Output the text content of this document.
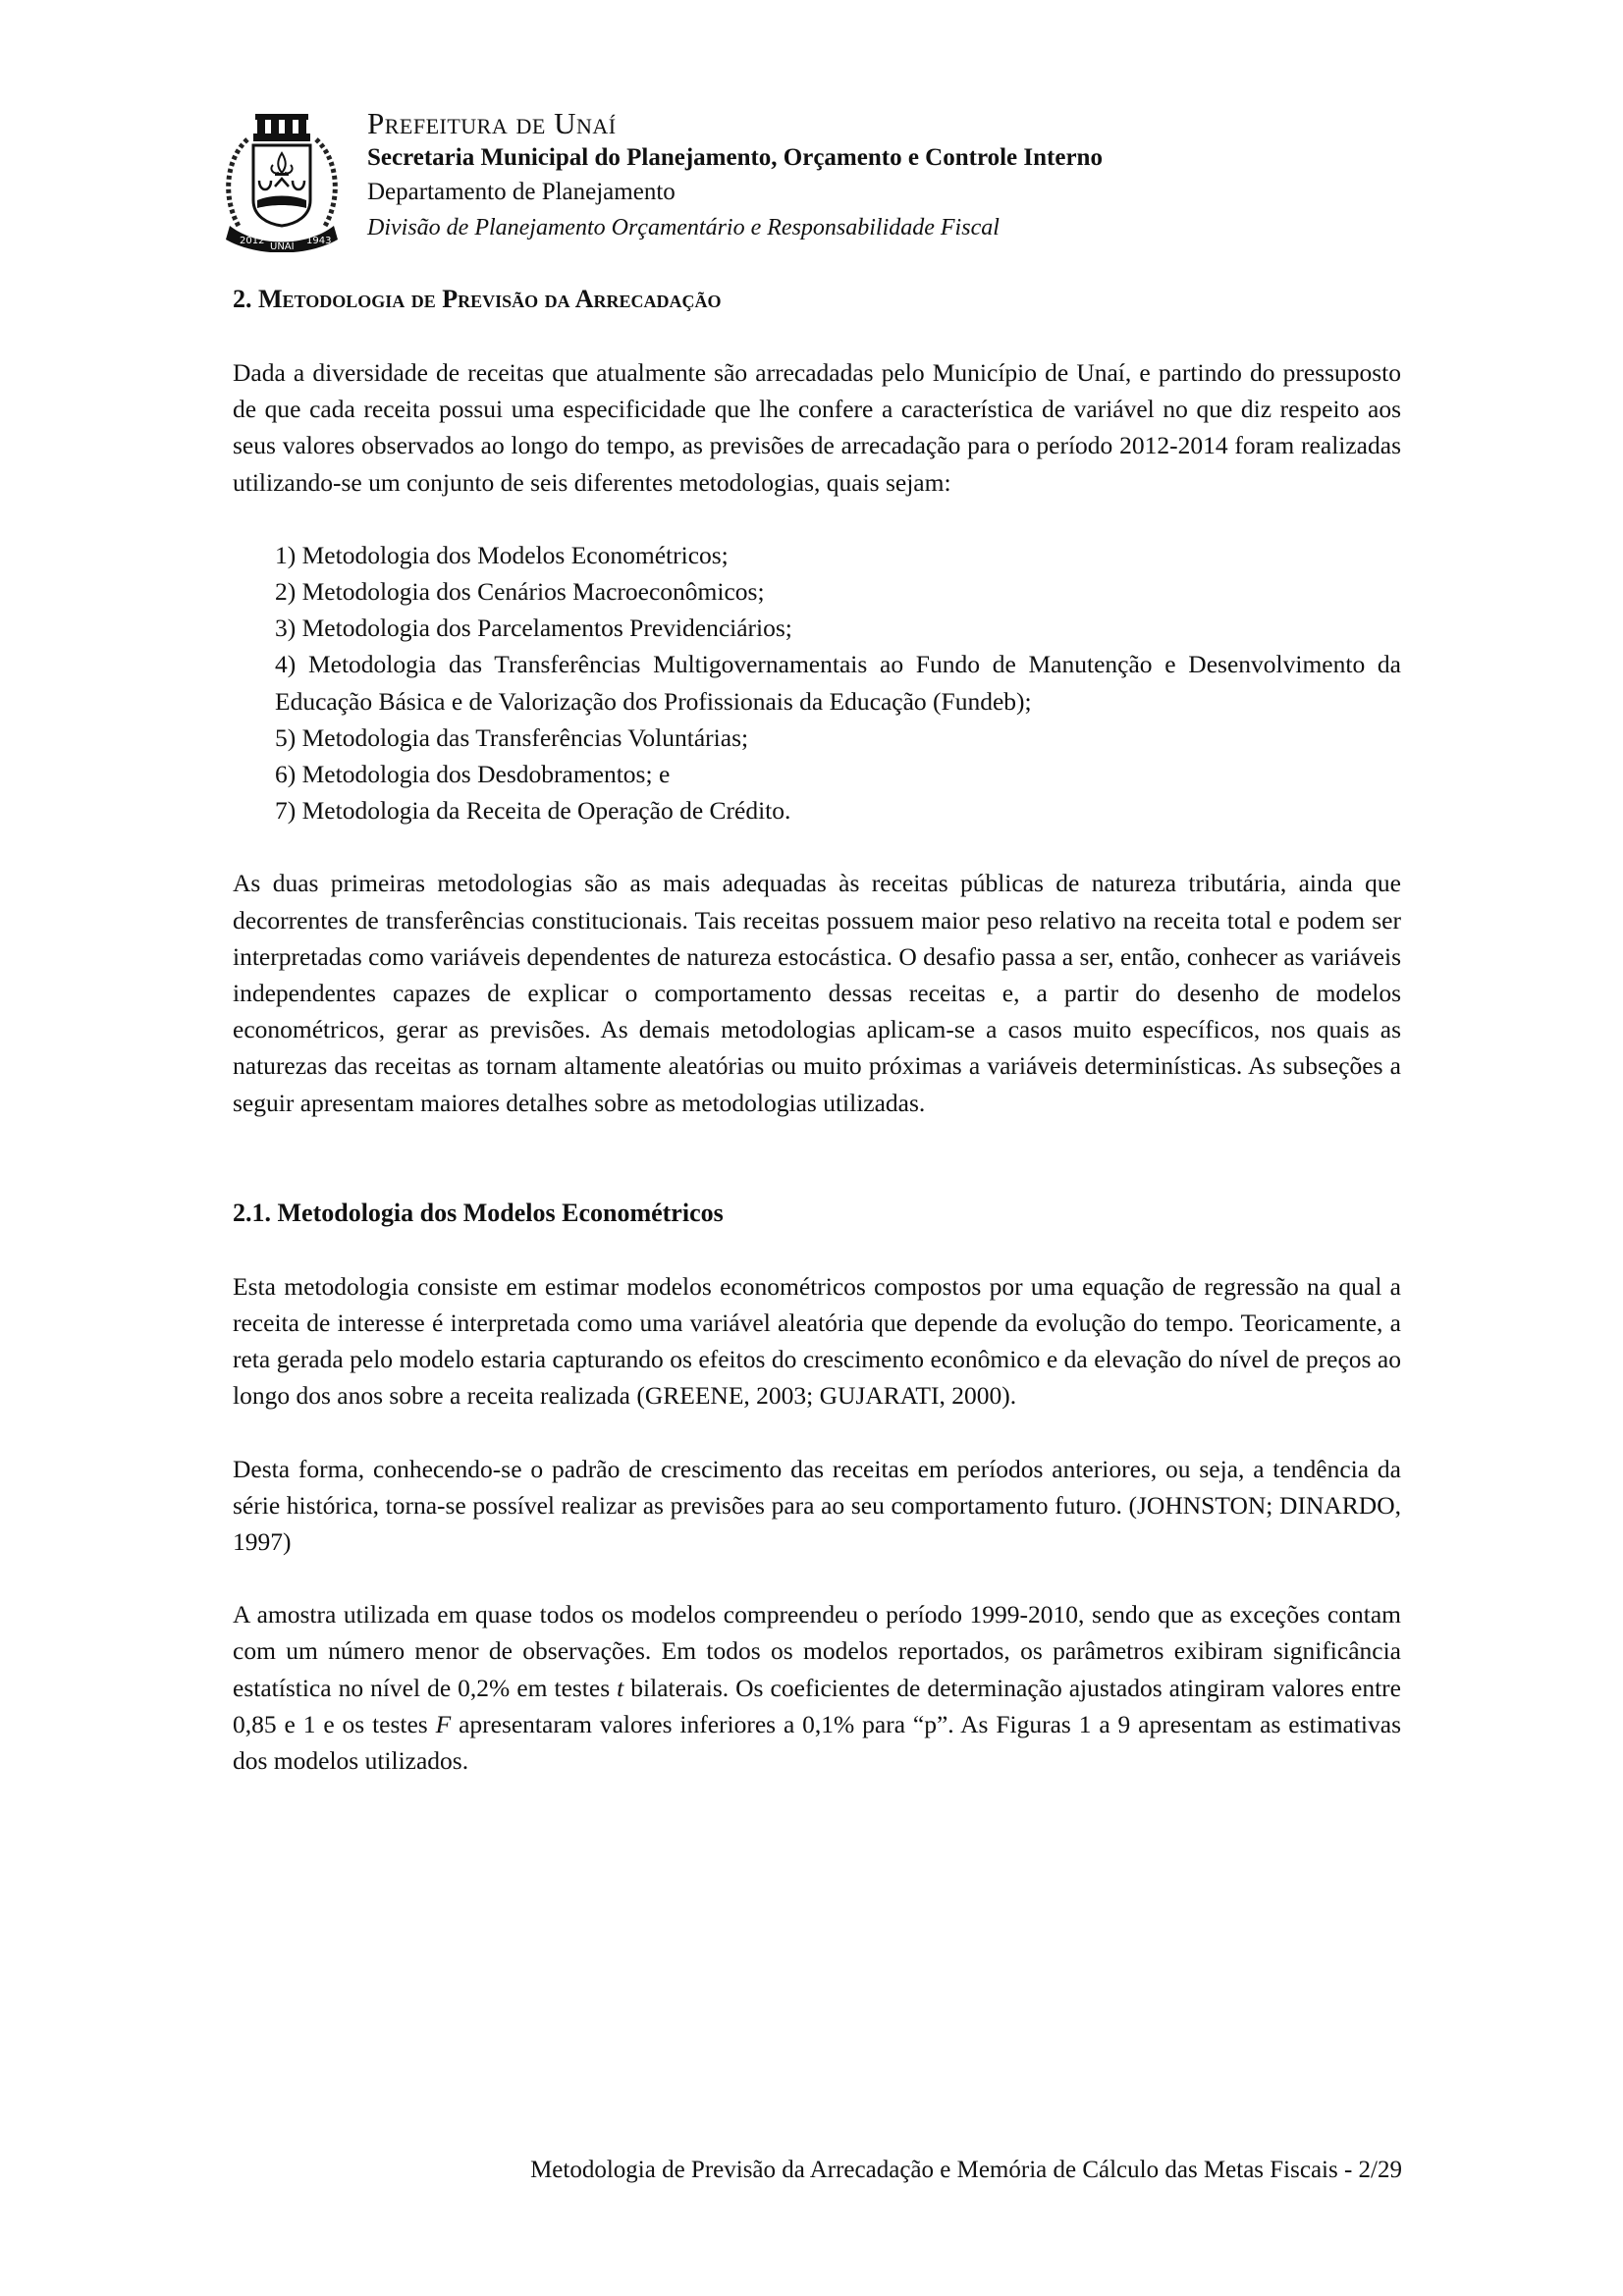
2012
UNAÍ
1943
Prefeitura de Unaí
Secretaria Municipal do Planejamento, Orçamento e Controle Interno
Departamento de Planejamento
Divisão de Planejamento Orçamentário e Responsabilidade Fiscal
2. Metodologia de Previsão da Arrecadação

Dada a diversidade de receitas que atualmente são arrecadadas pelo Município de Unaí, e partindo do pressuposto de que cada receita possui uma especificidade que lhe confere a característica de variável no que diz respeito aos seus valores observados ao longo do tempo, as previsões de arrecadação para o período 2012-2014 foram realizadas utilizando-se um conjunto de seis diferentes metodologias, quais sejam:

1) Metodologia dos Modelos Econométricos;
2) Metodologia dos Cenários Macroeconômicos;
3) Metodologia dos Parcelamentos Previdenciários;
4) Metodologia das Transferências Multigovernamentais ao Fundo de Manutenção e Desenvolvimento da Educação Básica e de Valorização dos Profissionais da Educação (Fundeb);
5) Metodologia das Transferências Voluntárias;
6) Metodologia dos Desdobramentos; e
7) Metodologia da Receita de Operação de Crédito.

As duas primeiras metodologias são as mais adequadas às receitas públicas de natureza tributária, ainda que decorrentes de transferências constitucionais. Tais receitas possuem maior peso relativo na receita total e podem ser interpretadas como variáveis dependentes de natureza estocástica. O desafio passa a ser, então, conhecer as variáveis independentes capazes de explicar o comportamento dessas receitas e, a partir do desenho de modelos econométricos, gerar as previsões. As demais metodologias aplicam-se a casos muito específicos, nos quais as naturezas das receitas as tornam altamente aleatórias ou muito próximas a variáveis determinísticas. As subseções a seguir apresentam maiores detalhes sobre as metodologias utilizadas.

2.1. Metodologia dos Modelos Econométricos

Esta metodologia consiste em estimar modelos econométricos compostos por uma equação de regressão na qual a receita de interesse é interpretada como uma variável aleatória que depende da evolução do tempo. Teoricamente, a reta gerada pelo modelo estaria capturando os efeitos do crescimento econômico e da elevação do nível de preços ao longo dos anos sobre a receita realizada (GREENE, 2003; GUJARATI, 2000).

Desta forma, conhecendo-se o padrão de crescimento das receitas em períodos anteriores, ou seja, a tendência da série histórica, torna-se possível realizar as previsões para ao seu comportamento futuro. (JOHNSTON; DINARDO, 1997)

A amostra utilizada em quase todos os modelos compreendeu o período 1999-2010, sendo que as exceções contam com um número menor de observações. Em todos os modelos reportados, os parâmetros exibiram significância estatística no nível de 0,2% em testes t bilaterais. Os coeficientes de determinação ajustados atingiram valores entre 0,85 e 1 e os testes F apresentaram valores inferiores a 0,1% para “p”. As Figuras 1 a 9 apresentam as estimativas dos modelos utilizados.

Metodologia de Previsão da Arrecadação e Memória de Cálculo das Metas Fiscais - 2/29
